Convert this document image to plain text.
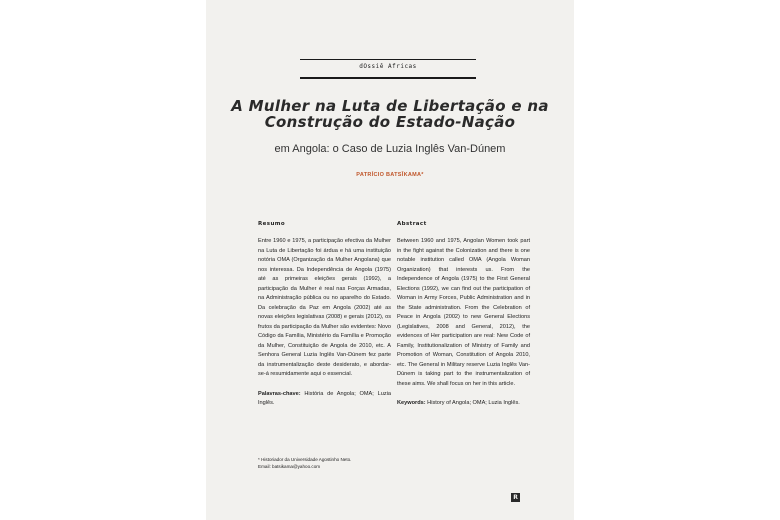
dOssiê Africas
A Mulher na Luta de Libertação e na
Construção do Estado-Nação
em Angola: o Caso de Luzia Inglês Van-Dúnem
PATRÍCIO BATSÎKAMA*
Resumo

Entre 1960 e 1975, a participação efectiva da Mulher na Luta de Libertação foi árdua e há uma instituição notória OMA (Organização da Mulher Angolana) que nos interessa. Da Independência de Angola (1975) até as primeiras eleições gerais (1992), a participação da Mulher é real nas Forças Armadas, na Administração pública ou no aparelho do Estado. Da celebração da Paz em Angola (2002) até as novas eleições legislativas (2008) e gerais (2012), os frutos da participação da Mulher são evidentes: Novo Código da Família, Ministério da Família e Promoção da Mulher, Constituição de Angola de 2010, etc. A Senhora General Luzia Inglês Van-Dúnem fez parte da instrumentalização deste desiderato, e abordar-se-á resumidamente aqui o essencial.

Palavras-chave: História de Angola; OMA; Luzia Inglês.

Abstract

Between 1960 and 1975, Angolan Women took part in the fight against the Colonization and there is one notable institution called OMA (Angola Woman Organization) that interests us. From the Independence of Angola (1975) to the First General Elections (1992), we can find out the participation of Woman in Army Forces, Public Administration and in the State administration. From the Celebration of Peace in Angola (2002) to new General Elections (Legislatives, 2008 and General, 2012), the evidences of Her participation are real: New Code of Family, Institutionalization of Ministry of Family and Promotion of Woman, Constitution of Angola 2010, etc. The General in Military reserve Luzia Inglês Van-Dúnem is taking part to the instrumentalization of these aims. We shall focus on her in this article.

Keywords: History of Angola; OMA; Luzia Inglês.

* Historiador da Universidade Agostinho Neto.
Email: batsikama@yahoo.com
R
